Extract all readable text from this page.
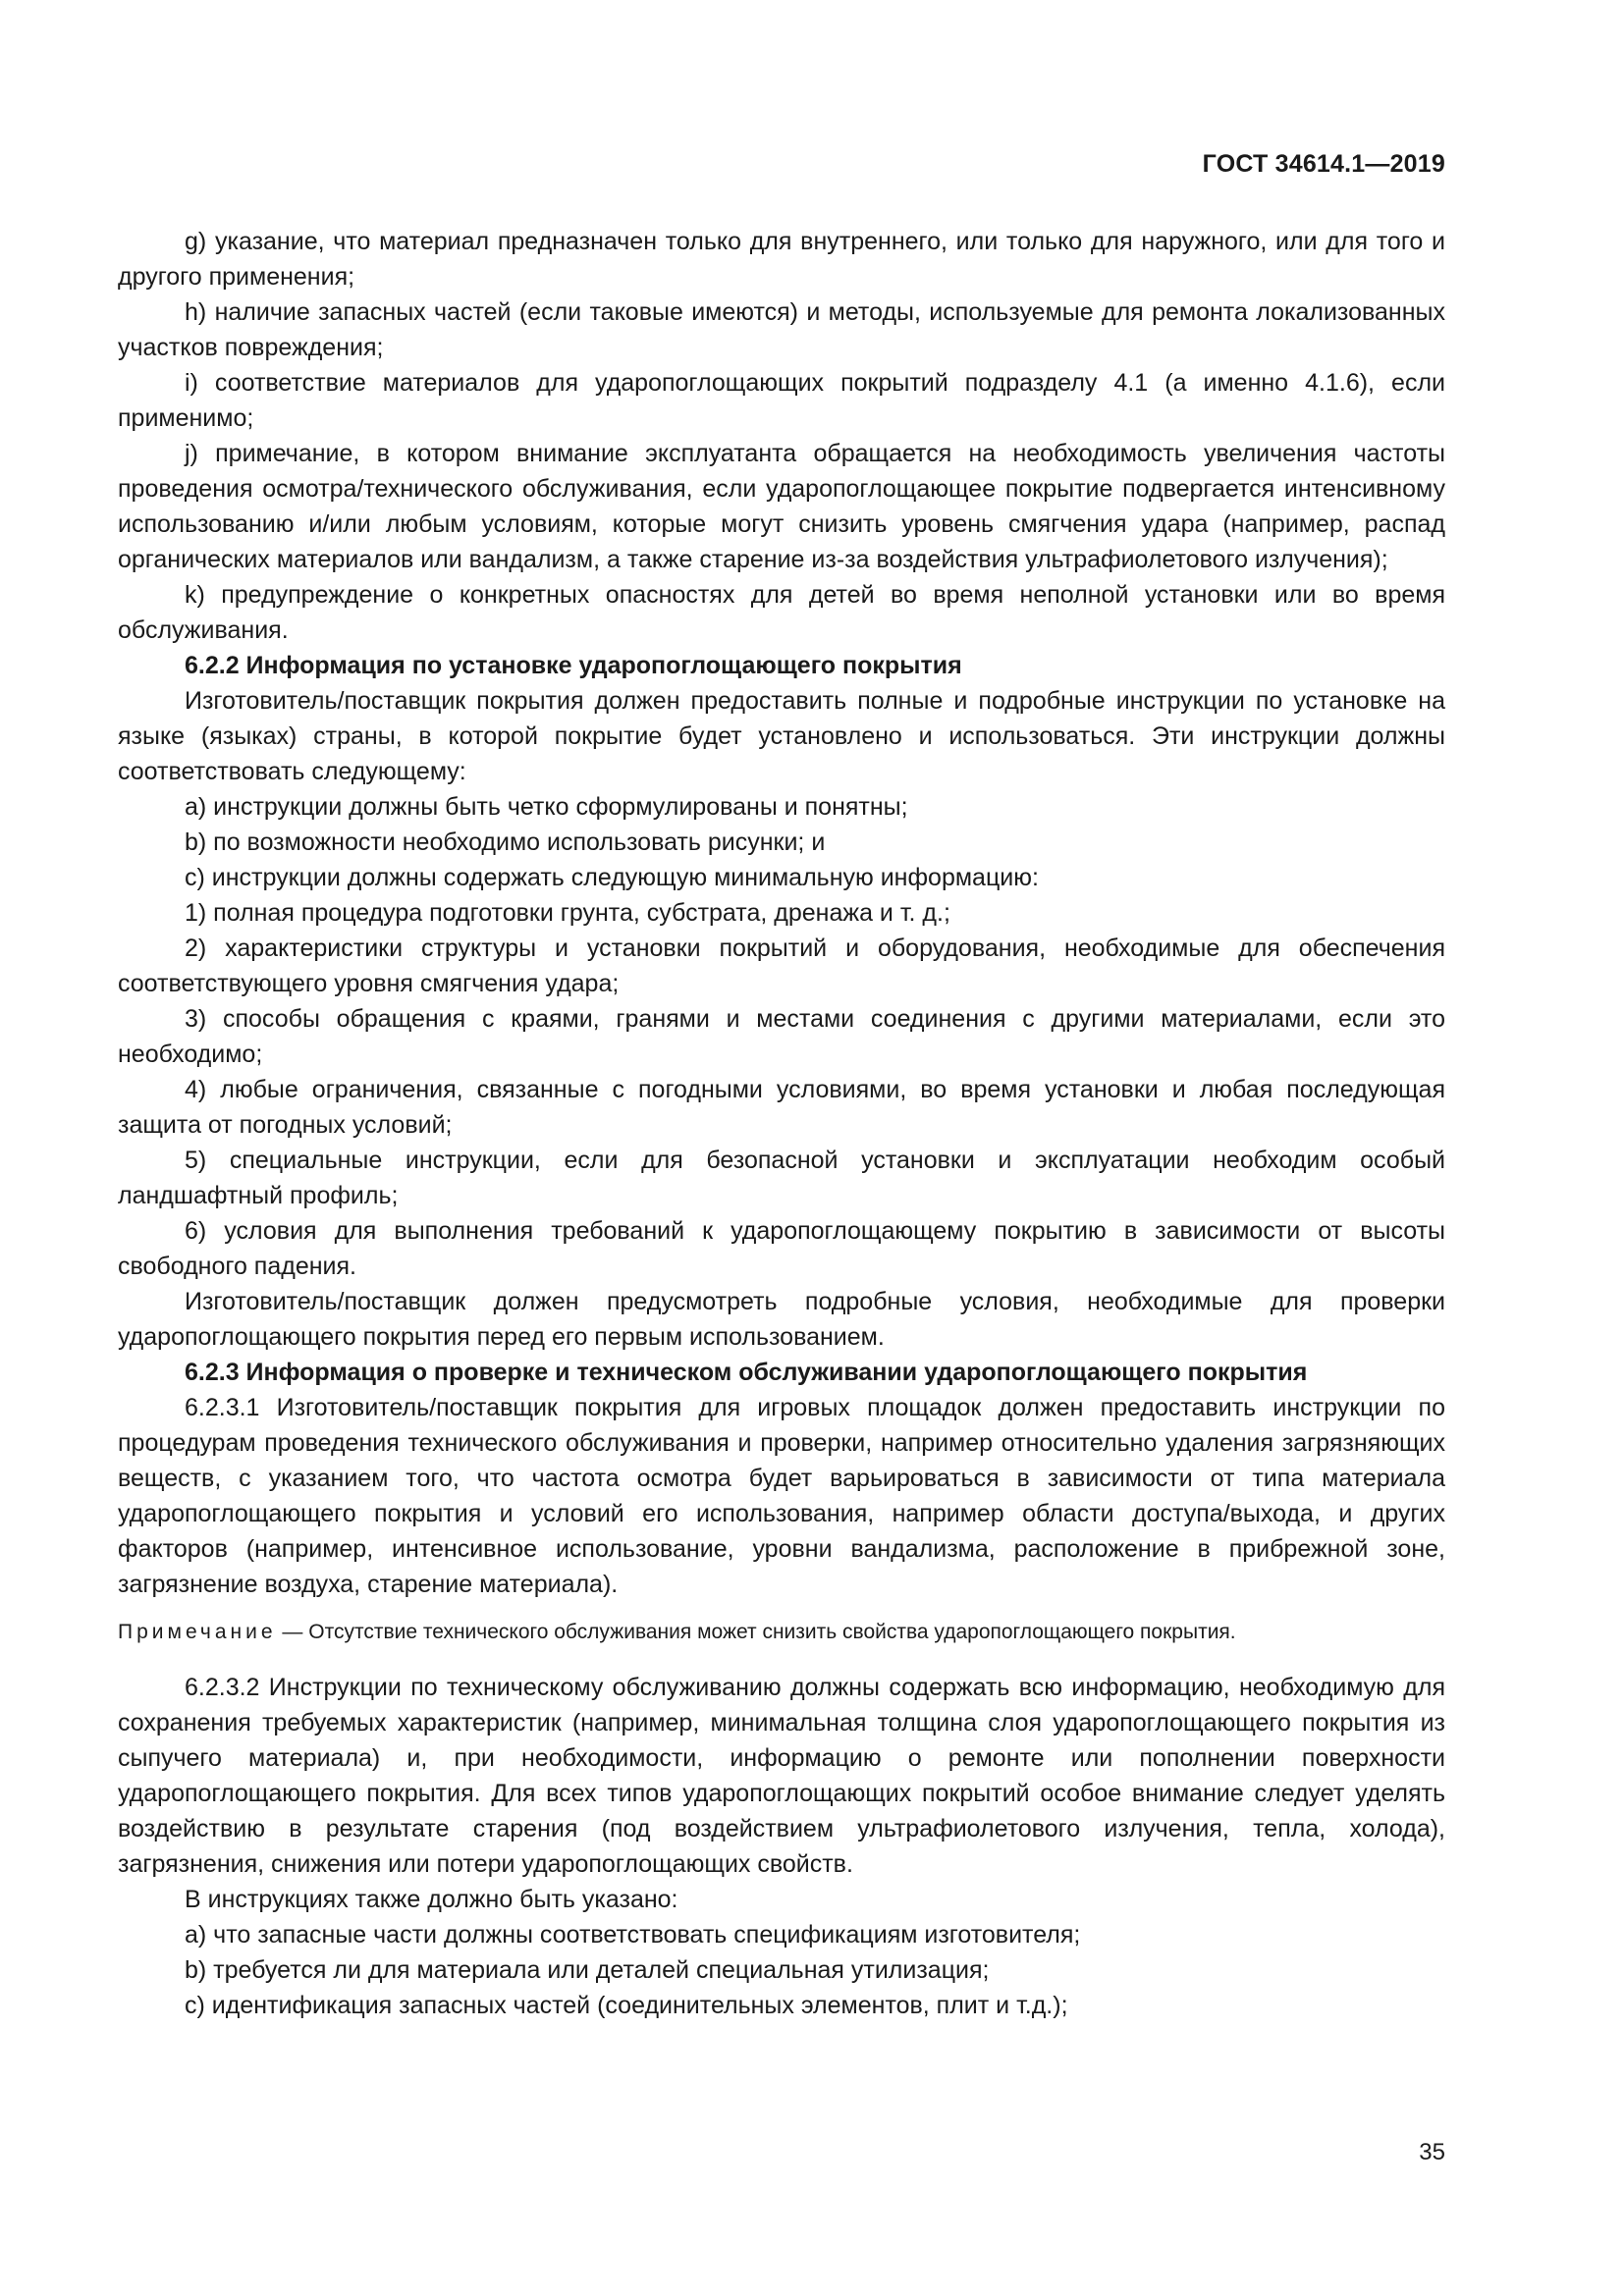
ГОСТ 34614.1—2019

g) указание, что материал предназначен только для внутреннего, или только для наружного, или для того и другого применения;

h) наличие запасных частей (если таковые имеются) и методы, используемые для ремонта локализованных участков повреждения;

i) соответствие материалов для ударопоглощающих покрытий подразделу 4.1 (а именно 4.1.6), если применимо;

j) примечание, в котором внимание эксплуатанта обращается на необходимость увеличения частоты проведения осмотра/технического обслуживания, если ударопоглощающее покрытие подвергается интенсивному использованию и/или любым условиям, которые могут снизить уровень смягчения удара (например, распад органических материалов или вандализм, а также старение из-за воздействия ультрафиолетового излучения);

k) предупреждение о конкретных опасностях для детей во время неполной установки или во время обслуживания.

6.2.2 Информация по установке ударопоглощающего покрытия

Изготовитель/поставщик покрытия должен предоставить полные и подробные инструкции по установке на языке (языках) страны, в которой покрытие будет установлено и использоваться. Эти инструкции должны соответствовать следующему:

a) инструкции должны быть четко сформулированы и понятны;

b) по возможности необходимо использовать рисунки; и

c) инструкции должны содержать следующую минимальную информацию:

1) полная процедура подготовки грунта, субстрата, дренажа и т. д.;

2) характеристики структуры и установки покрытий и оборудования, необходимые для обеспечения соответствующего уровня смягчения удара;

3) способы обращения с краями, гранями и местами соединения с другими материалами, если это необходимо;

4) любые ограничения, связанные с погодными условиями, во время установки и любая последующая защита от погодных условий;

5) специальные инструкции, если для безопасной установки и эксплуатации необходим особый ландшафтный профиль;

6) условия для выполнения требований к ударопоглощающему покрытию в зависимости от высоты свободного падения.

Изготовитель/поставщик должен предусмотреть подробные условия, необходимые для проверки ударопоглощающего покрытия перед его первым использованием.

6.2.3 Информация о проверке и техническом обслуживании ударопоглощающего покрытия

6.2.3.1 Изготовитель/поставщик покрытия для игровых площадок должен предоставить инструкции по процедурам проведения технического обслуживания и проверки, например относительно удаления загрязняющих веществ, с указанием того, что частота осмотра будет варьироваться в зависимости от типа материала ударопоглощающего покрытия и условий его использования, например области доступа/выхода, и других факторов (например, интенсивное использование, уровни вандализма, расположение в прибрежной зоне, загрязнение воздуха, старение материала).

Примечание — Отсутствие технического обслуживания может снизить свойства ударопоглощающего покрытия.

6.2.3.2 Инструкции по техническому обслуживанию должны содержать всю информацию, необходимую для сохранения требуемых характеристик (например, минимальная толщина слоя ударопоглощающего покрытия из сыпучего материала) и, при необходимости, информацию о ремонте или пополнении поверхности ударопоглощающего покрытия. Для всех типов ударопоглощающих покрытий особое внимание следует уделять воздействию в результате старения (под воздействием ультрафиолетового излучения, тепла, холода), загрязнения, снижения или потери ударопоглощающих свойств.

В инструкциях также должно быть указано:

a) что запасные части должны соответствовать спецификациям изготовителя;

b) требуется ли для материала или деталей специальная утилизация;

c) идентификация запасных частей (соединительных элементов, плит и т.д.);

35
